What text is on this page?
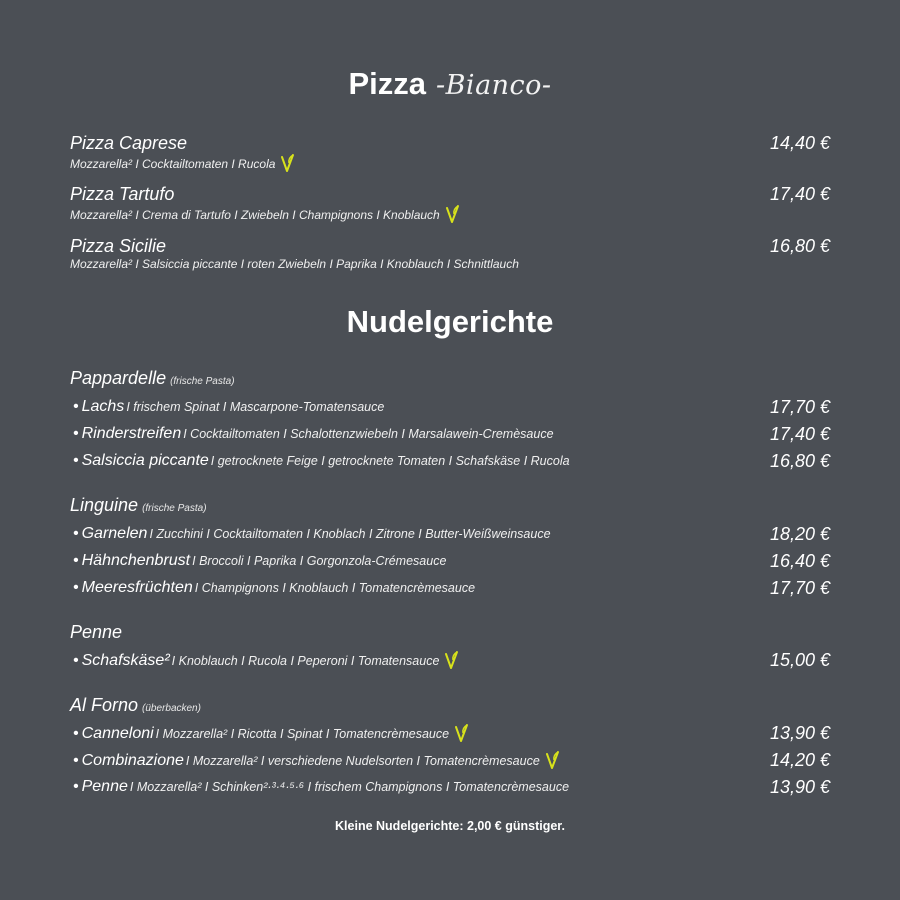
Pizza -Bianco-
Pizza Caprese
Mozzarella² I Cocktailtomaten I Rucola
14,40 €
Pizza Tartufo
Mozzarella² I Crema di Tartufo I Zwiebeln I Champignons I Knoblauch
17,40 €
Pizza Sicilie
Mozzarella² I Salsiccia piccante I roten Zwiebeln I Paprika I Knoblauch I Schnittlauch
16,80 €
Nudelgerichte
Pappardelle (frische Pasta)
• Lachs I frischem Spinat I Mascarpone-Tomatensauce	17,70 €
• Rinderstreifen I Cocktailtomaten I Schalottenzwiebeln I Marsalawein-Cremèsauce	17,40 €
• Salsiccia piccante I getrocknete Feige I getrocknete Tomaten I Schafskäse I Rucola	16,80 €
Linguine (frische Pasta)
• Garnelen I Zucchini I Cocktailtomaten I Knoblach I Zitrone I Butter-Weißweinsauce	18,20 €
• Hähnchenbrust I Broccoli I Paprika I Gorgonzola-Crémesauce	16,40 €
• Meeresfrüchten I Champignons I Knoblauch I Tomatencrèmesauce	17,70 €
Penne
• Schafskäse² I Knoblauch I Rucola I Peperoni I Tomatensauce	15,00 €
Al Forno (überbacken)
• Canneloni I Mozzarella² I Ricotta I Spinat I Tomatencrèmesauce	13,90 €
• Combinazione I Mozzarella² I verschiedene Nudelsorten I Tomatencrèmesauce	14,20 €
• Penne I Mozzarella² I Schinken²·³·⁴·⁵·⁶ I frischem Champignons I Tomatencrèmesauce	13,90 €
Kleine Nudelgerichte: 2,00 € günstiger.
